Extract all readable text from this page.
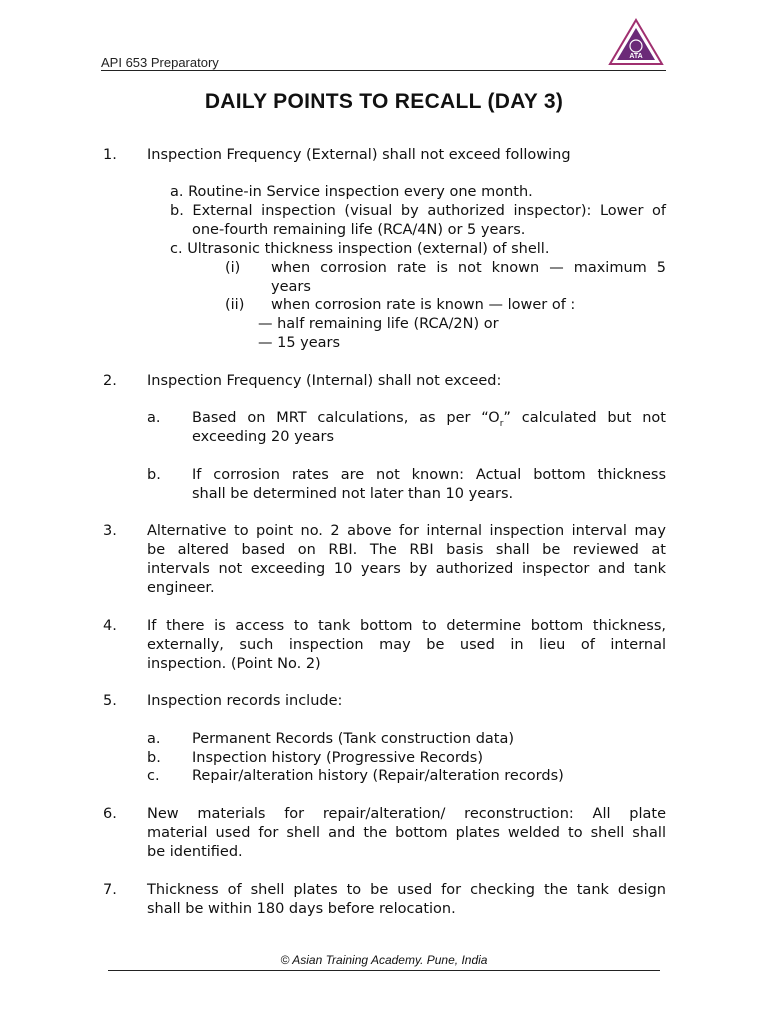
API 653 Preparatory	ATA
DAILY POINTS TO RECALL (DAY 3)
1. Inspection Frequency (External) shall not exceed following
a. Routine-in Service inspection every one month.
b. External inspection (visual by authorized inspector): Lower of
one-fourth remaining life (RCA/4N) or 5 years.
c. Ultrasonic thickness inspection (external) of shell.
(i) when corrosion rate is not known — maximum 5
years
(ii) when corrosion rate is known — lower of :
— half remaining life (RCA/2N) or
— 15 years
2. Inspection Frequency (Internal) shall not exceed:
a. Based on MRT calculations, as per “$O_r$” calculated but not
exceeding 20 years
b. If corrosion rates are not known: Actual bottom thickness
shall be determined not later than 10 years.
3. Alternative to point no. 2 above for internal inspection interval may
be altered based on RBI. The RBI basis shall be reviewed at
intervals not exceeding 10 years by authorized inspector and tank
engineer.
4. If there is access to tank bottom to determine bottom thickness,
externally, such inspection may be used in lieu of internal
inspection. (Point No. 2)
5. Inspection records include:
a. Permanent Records (Tank construction data)
b. Inspection history (Progressive Records)
c. Repair/alteration history (Repair/alteration records)
6. New materials for repair/alteration/ reconstruction: All plate
material used for shell and the bottom plates welded to shell shall
be identified.
7. Thickness of shell plates to be used for checking the tank design
shall be within 180 days before relocation.
© Asian Training Academy. Pune, India
